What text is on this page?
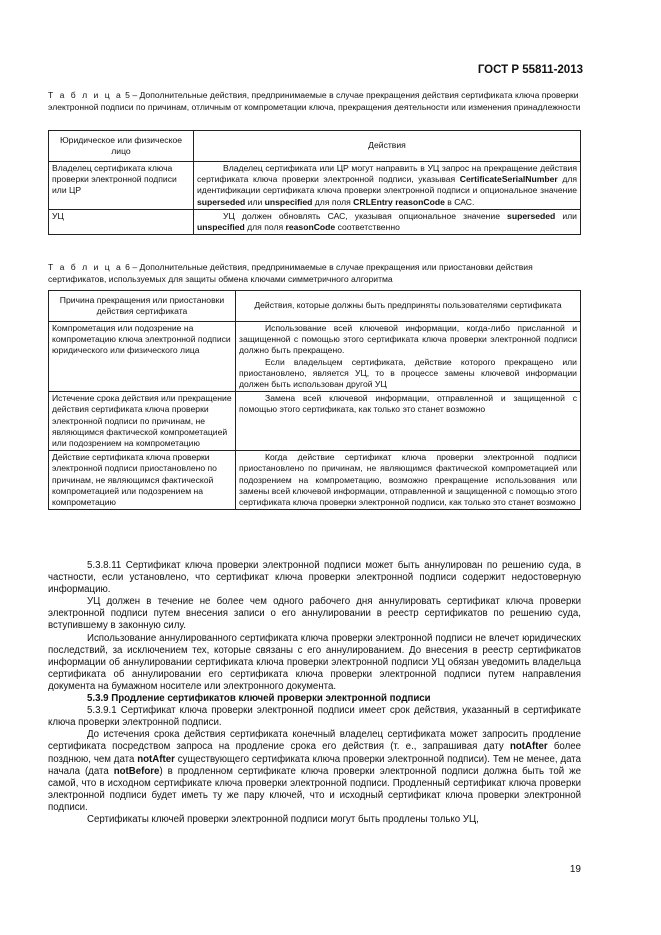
ГОСТ Р 55811-2013
Т а б л и ц а 5 – Дополнительные действия, предпринимаемые в случае прекращения действия сертификата ключа проверки электронной подписи по причинам, отличным от компрометации ключа, прекращения деятельности или изменения принадлежности
Юридическое или физическое лицо	Действия
Владелец сертификата ключа проверки электронной подписи или ЦР	Владелец сертификата или ЦР могут направить в УЦ запрос на прекращение действия сертификата ключа проверки электронной подписи, указывая CertificateSerialNumber для идентификации сертификата ключа проверки электронной подписи и опциональное значение superseded или unspecified для поля CRLEntry reasonCode в САС.

УЦ	УЦ должен обновлять САС, указывая опциональное значение superseded или unspecified для поля reasonCode соответственно

Т а б л и ц а 6 – Дополнительные действия, предпринимаемые в случае прекращения или приостановки действия сертификатов, используемых для защиты обмена ключами симметричного алгоритма
Причина прекращения или приостановки действия сертификата	Действия, которые должны быть предприняты пользователями сертификата
Компрометация или подозрение на компрометацию ключа электронной подписи юридического или физического лица	Использование всей ключевой информации, когда-либо присланной и защищенной с помощью этого сертификата ключа проверки электронной подписи должно быть прекращено.

Если владельцем сертификата, действие которого прекращено или приостановлено, является УЦ, то в процессе замены ключевой информации должен быть использован другой УЦ

Истечение срока действия или прекращение действия сертификата ключа проверки электронной подписи по причинам, не являющимся фактической компрометацией или подозрением на компрометацию	Замена всей ключевой информации, отправленной и защищенной с помощью этого сертификата, как только это станет возможно

Действие сертификата ключа проверки электронной подписи приостановлено по причинам, не являющимся фактической компрометацией или подозрением на компрометацию	Когда действие сертификат ключа проверки электронной подписи приостановлено по причинам, не являющимся фактической компрометацией или подозрением на компрометацию, возможно прекращение использования или замены всей ключевой информации, отправленной и защищенной с помощью этого сертификата ключа проверки электронной подписи, как только это станет возможно

5.3.8.11 Сертификат ключа проверки электронной подписи может быть аннулирован по решению суда, в частности, если установлено, что сертификат ключа проверки электронной подписи содержит недостоверную информацию.

УЦ должен в течение не более чем одного рабочего дня аннулировать сертификат ключа проверки электронной подписи путем внесения записи о его аннулировании в реестр сертификатов по решению суда, вступившему в законную силу.

Использование аннулированного сертификата ключа проверки электронной подписи не влечет юридических последствий, за исключением тех, которые связаны с его аннулированием. До внесения в реестр сертификатов информации об аннулировании сертификата ключа проверки электронной подписи УЦ обязан уведомить владельца сертификата об аннулировании его сертификата ключа проверки электронной подписи путем направления документа на бумажном носителе или электронного документа.

5.3.9 Продление сертификатов ключей проверки электронной подписи

5.3.9.1 Сертификат ключа проверки электронной подписи имеет срок действия, указанный в сертификате ключа проверки электронной подписи.

До истечения срока действия сертификата конечный владелец сертификата может запросить продление сертификата посредством запроса на продление срока его действия (т. е., запрашивая дату notAfter более позднюю, чем дата notAfter существующего сертификата ключа проверки электронной подписи). Тем не менее, дата начала (дата notBefore) в продленном сертификате ключа проверки электронной подписи должна быть той же самой, что в исходном сертификате ключа проверки электронной подписи. Продленный сертификат ключа проверки электронной подписи будет иметь ту же пару ключей, что и исходный сертификат ключа проверки электронной подписи.

Сертификаты ключей проверки электронной подписи могут быть продлены только УЦ,

19
